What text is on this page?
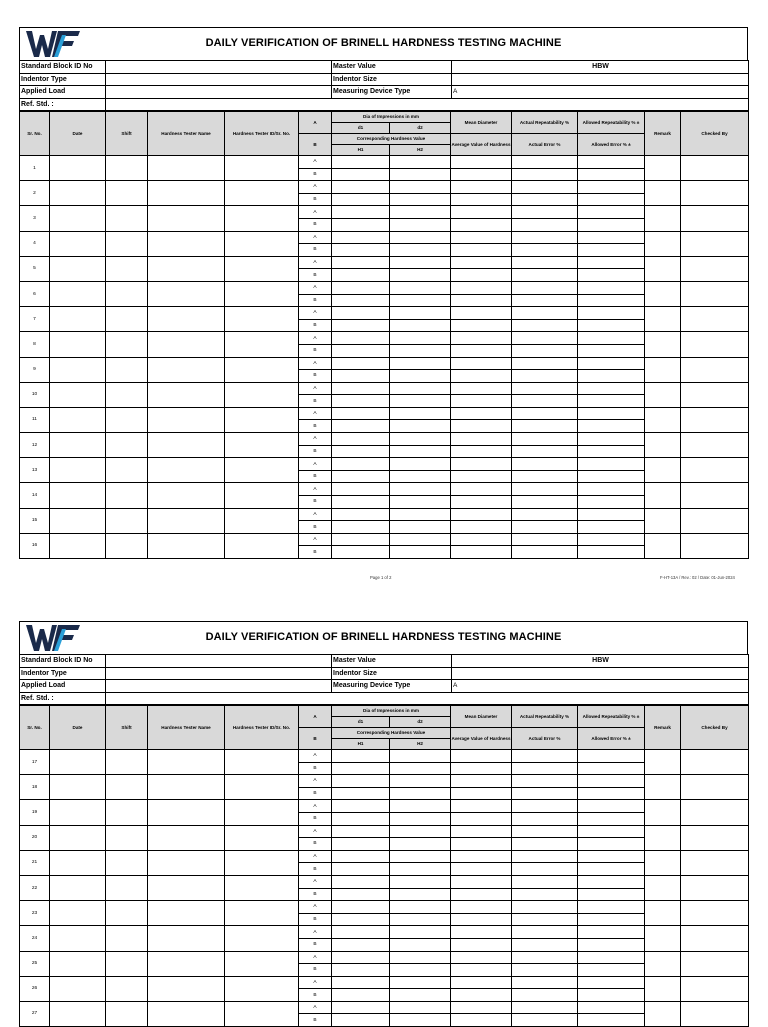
DAILY VERIFICATION OF BRINELL HARDNESS TESTING MACHINE
Standard Block ID No		Master Value	HBW
Indentor Type		Indentor Size	
Applied Load		Measuring Device Type	A
Ref. Std. :			
Sr. No.	Date	Shift	Hardness Tester Name	Hardness Tester ID/Sr. No.	A	Dia of Impressions in mm		Mean Diameter	Actual Repeatability %	Allowed Repeatability % ±	Remark	Checked By
						d1	d2					
					B	Corresponding Hardness Value		Average Value of Hardness	Actual Error %	Allowed Error % ±		
						H1	H2					
1					A							
					B							
2					A							
					B							
3					A							
					B							
4					A							
					B							
5					A							
					B							
6					A							
					B							
7					A							
					B							
8					A							
					B							
9					A							
					B							
10					A							
					B							
11					A							
					B							
12					A							
					B							
13					A							
					B							
14					A							
					B							
15					A							
					B							
16					A							
					B							
Page 1 of 2	F-HT-13A / Rev.: 02 / Date: 01-Jun-2024
DAILY VERIFICATION OF BRINELL HARDNESS TESTING MACHINE
Standard Block ID No		Master Value	HBW
Indentor Type		Indentor Size	
Applied Load		Measuring Device Type	A
Ref. Std. :			
Sr. No.	Date	Shift	Hardness Tester Name	Hardness Tester ID/Sr. No.	A	Dia of Impressions in mm		Mean Diameter	Actual Repeatability %	Allowed Repeatability % ±	Remark	Checked By
						d1	d2					
					B	Corresponding Hardness Value		Average Value of Hardness	Actual Error %	Allowed Error % ±		
						H1	H2					
17					A							
					B							
18					A							
					B							
19					A							
					B							
20					A							
					B							
21					A							
					B							
22					A							
					B							
23					A							
					B							
24					A							
					B							
25					A							
					B							
26					A							
					B							
27					A							
					B							
